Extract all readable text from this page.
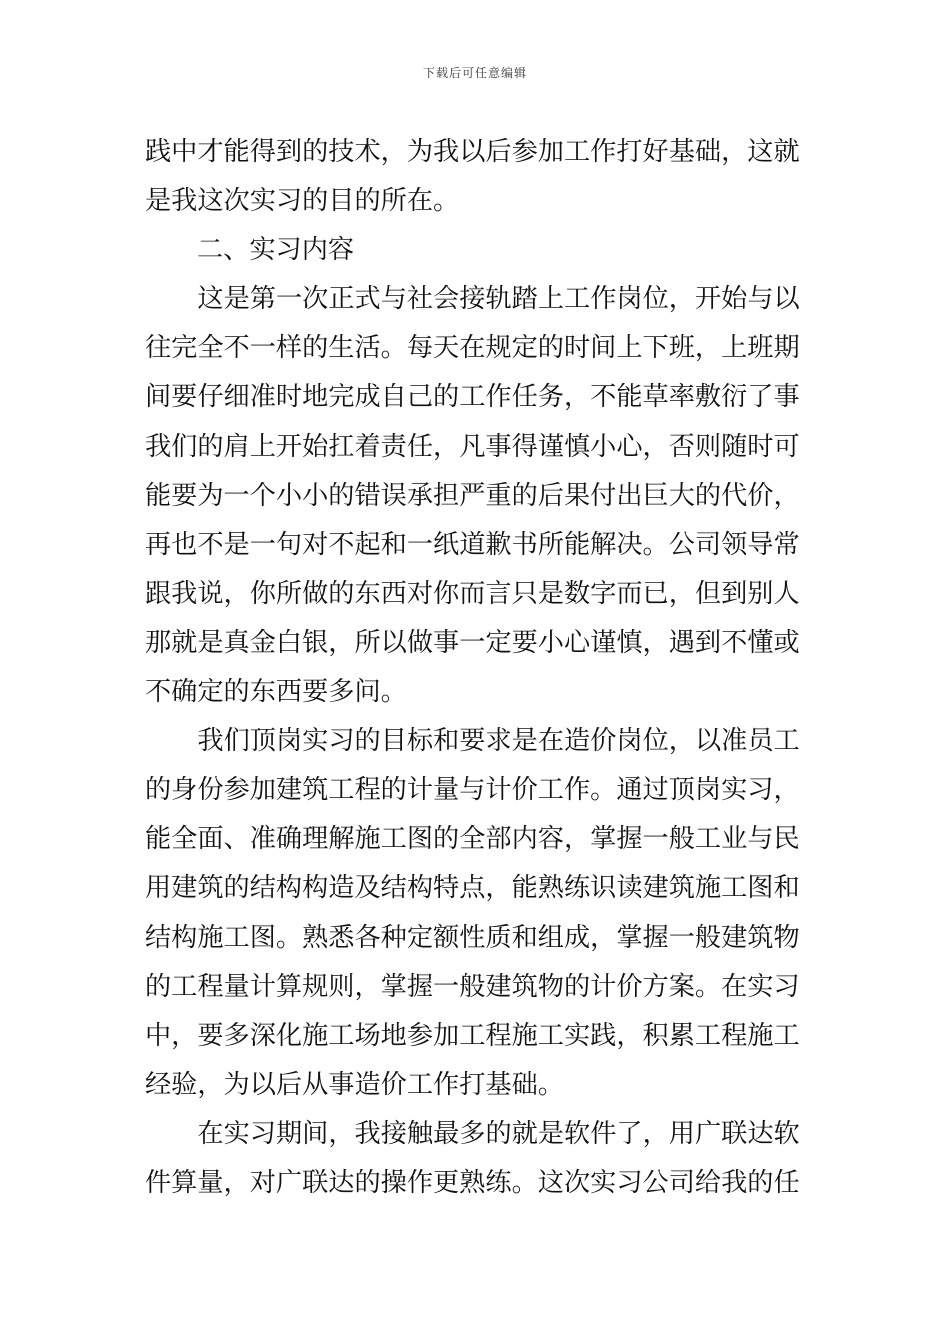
下载后可任意编辑

践中才能得到的技术，为我以后参加工作打好基础，这就
是我这次实习的目的所在。

二、实习内容

这是第一次正式与社会接轨踏上工作岗位，开始与以
往完全不一样的生活。每天在规定的时间上下班，上班期
间要仔细准时地完成自己的工作任务，不能草率敷衍了事
我们的肩上开始扛着责任，凡事得谨慎小心，否则随时可
能要为一个小小的错误承担严重的后果付出巨大的代价，
再也不是一句对不起和一纸道歉书所能解决。公司领导常
跟我说，你所做的东西对你而言只是数字而已，但到别人
那就是真金白银，所以做事一定要小心谨慎，遇到不懂或
不确定的东西要多问。

我们顶岗实习的目标和要求是在造价岗位，以准员工
的身份参加建筑工程的计量与计价工作。通过顶岗实习，
能全面、准确理解施工图的全部内容，掌握一般工业与民
用建筑的结构构造及结构特点，能熟练识读建筑施工图和
结构施工图。熟悉各种定额性质和组成，掌握一般建筑物
的工程量计算规则，掌握一般建筑物的计价方案。在实习
中，要多深化施工场地参加工程施工实践，积累工程施工
经验，为以后从事造价工作打基础。

在实习期间，我接触最多的就是软件了，用广联达软
件算量，对广联达的操作更熟练。这次实习公司给我的任
